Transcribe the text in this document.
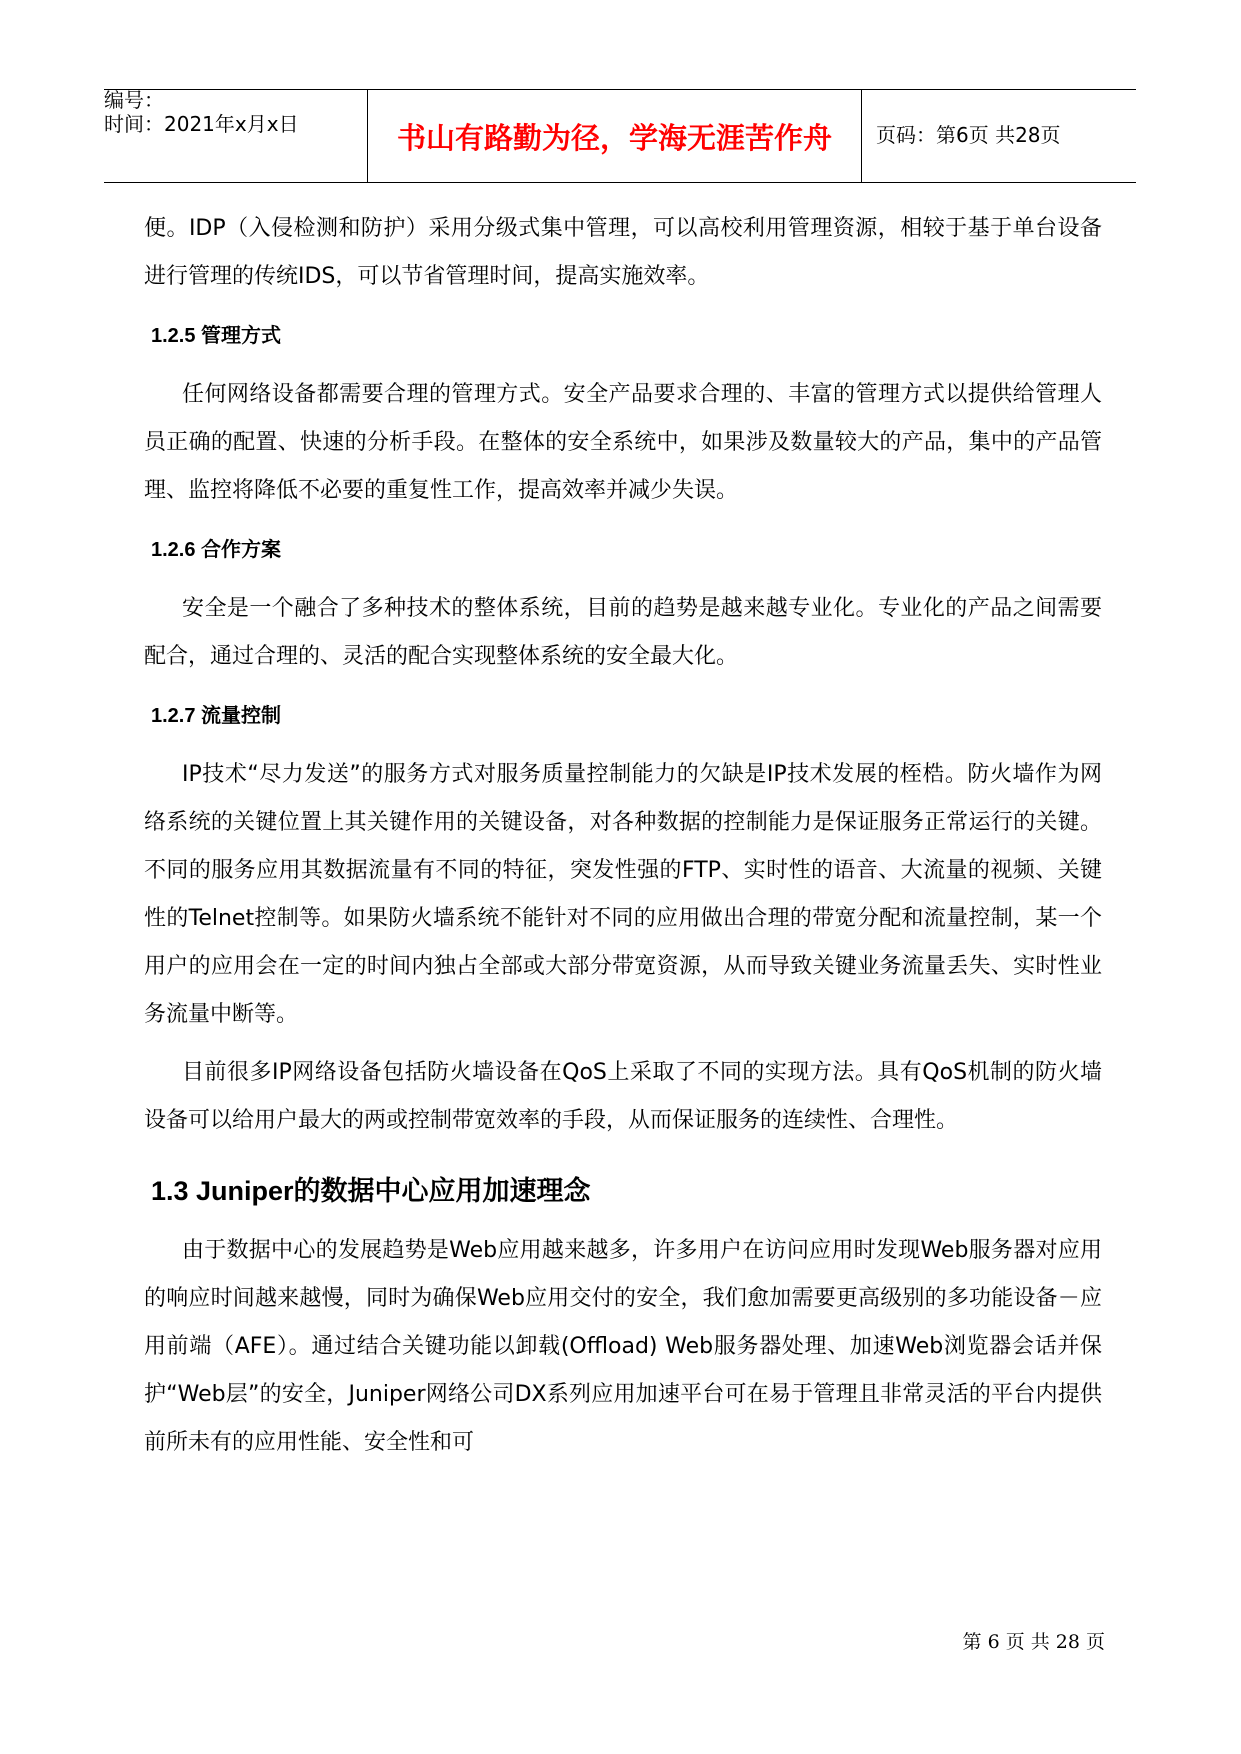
编号：
时间：2021年x月x日	书山有路勤为径，学海无涯苦作舟	页码：第6页 共28页

便。IDP（入侵检测和防护）采用分级式集中管理，可以高校利用管理资源，相较于基于单台设备进行管理的传统IDS，可以节省管理时间，提高实施效率。

1.2.5 管理方式

任何网络设备都需要合理的管理方式。安全产品要求合理的、丰富的管理方式以提供给管理人员正确的配置、快速的分析手段。在整体的安全系统中，如果涉及数量较大的产品，集中的产品管理、监控将降低不必要的重复性工作，提高效率并减少失误。

1.2.6 合作方案

安全是一个融合了多种技术的整体系统，目前的趋势是越来越专业化。专业化的产品之间需要配合，通过合理的、灵活的配合实现整体系统的安全最大化。

1.2.7 流量控制

IP技术“尽力发送”的服务方式对服务质量控制能力的欠缺是IP技术发展的桎梏。防火墙作为网络系统的关键位置上其关键作用的关键设备，对各种数据的控制能力是保证服务正常运行的关键。不同的服务应用其数据流量有不同的特征，突发性强的FTP、实时性的语音、大流量的视频、关键性的Telnet控制等。如果防火墙系统不能针对不同的应用做出合理的带宽分配和流量控制，某一个用户的应用会在一定的时间内独占全部或大部分带宽资源，从而导致关键业务流量丢失、实时性业务流量中断等。

目前很多IP网络设备包括防火墙设备在QoS上采取了不同的实现方法。具有QoS机制的防火墙设备可以给用户最大的两或控制带宽效率的手段，从而保证服务的连续性、合理性。

1.3 Juniper的数据中心应用加速理念

由于数据中心的发展趋势是Web应用越来越多，许多用户在访问应用时发现Web服务器对应用的响应时间越来越慢，同时为确保Web应用交付的安全，我们愈加需要更高级别的多功能设备－应用前端（AFE）。通过结合关键功能以卸载(Offload) Web服务器处理、加速Web浏览器会话并保护“Web层”的安全，Juniper网络公司DX系列应用加速平台可在易于管理且非常灵活的平台内提供前所未有的应用性能、安全性和可

第 6 页 共 28 页
